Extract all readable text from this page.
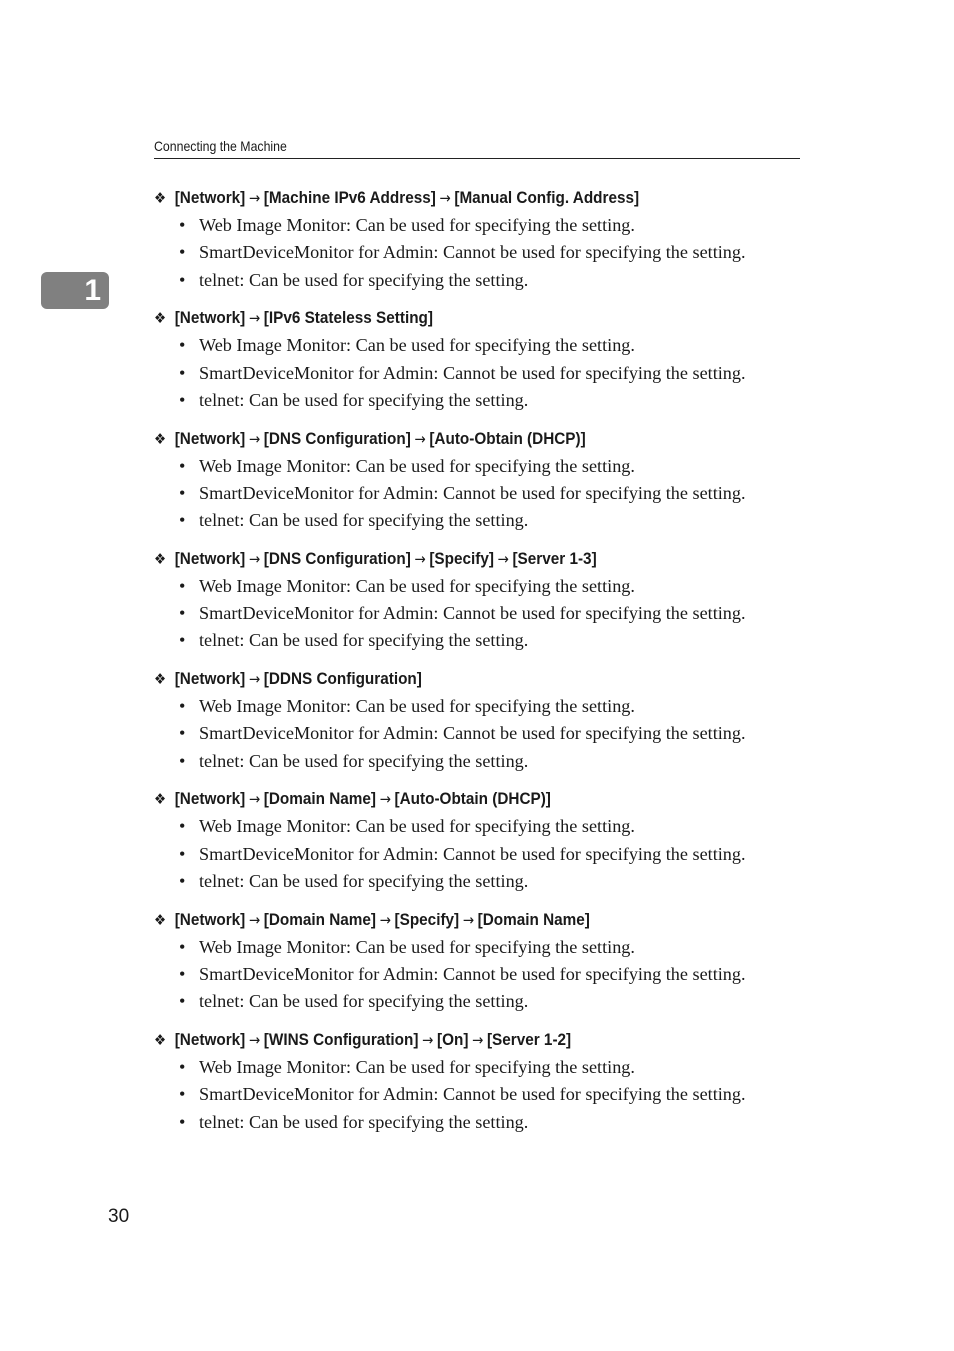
Connecting the Machine
1
❖ [Network] → [Machine IPv6 Address] → [Manual Config. Address]
• Web Image Monitor: Can be used for specifying the setting.
• SmartDeviceMonitor for Admin: Cannot be used for specifying the setting.
• telnet: Can be used for specifying the setting.
❖ [Network] → [IPv6 Stateless Setting]
• Web Image Monitor: Can be used for specifying the setting.
• SmartDeviceMonitor for Admin: Cannot be used for specifying the setting.
• telnet: Can be used for specifying the setting.
❖ [Network] → [DNS Configuration] → [Auto-Obtain (DHCP)]
• Web Image Monitor: Can be used for specifying the setting.
• SmartDeviceMonitor for Admin: Cannot be used for specifying the setting.
• telnet: Can be used for specifying the setting.
❖ [Network] → [DNS Configuration] → [Specify] → [Server 1-3]
• Web Image Monitor: Can be used for specifying the setting.
• SmartDeviceMonitor for Admin: Cannot be used for specifying the setting.
• telnet: Can be used for specifying the setting.
❖ [Network] → [DDNS Configuration]
• Web Image Monitor: Can be used for specifying the setting.
• SmartDeviceMonitor for Admin: Cannot be used for specifying the setting.
• telnet: Can be used for specifying the setting.
❖ [Network] → [Domain Name] → [Auto-Obtain (DHCP)]
• Web Image Monitor: Can be used for specifying the setting.
• SmartDeviceMonitor for Admin: Cannot be used for specifying the setting.
• telnet: Can be used for specifying the setting.
❖ [Network] → [Domain Name] → [Specify] → [Domain Name]
• Web Image Monitor: Can be used for specifying the setting.
• SmartDeviceMonitor for Admin: Cannot be used for specifying the setting.
• telnet: Can be used for specifying the setting.
❖ [Network] → [WINS Configuration] → [On] → [Server 1-2]
• Web Image Monitor: Can be used for specifying the setting.
• SmartDeviceMonitor for Admin: Cannot be used for specifying the setting.
• telnet: Can be used for specifying the setting.
30
